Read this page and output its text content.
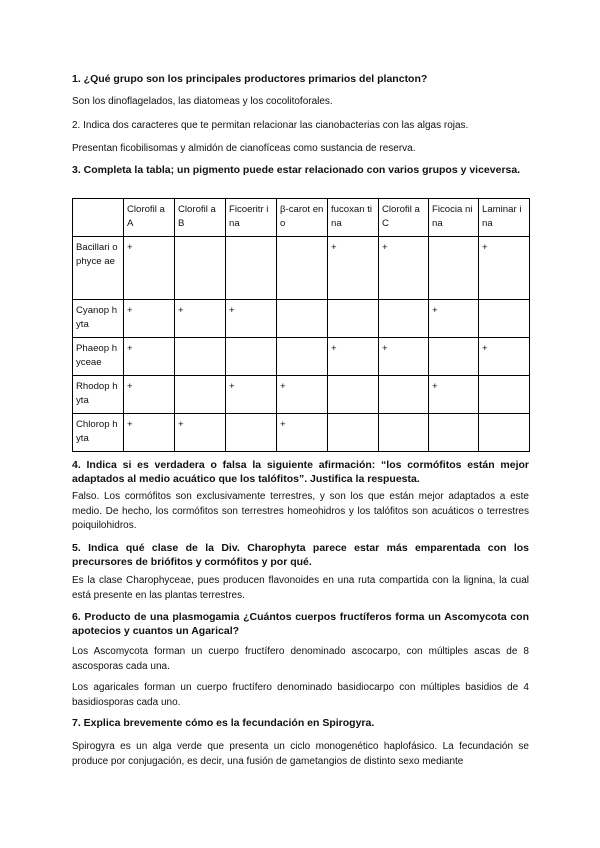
1. ¿Qué grupo son los principales productores primarios del plancton?

Son los dinoflagelados, las diatomeas y los cocolitoforales.

2. Indica dos caracteres que te permitan relacionar las cianobacterias con las algas rojas.

Presentan ficobilisomas y almidón de cianofíceas como sustancia de reserva.

3. Completa la tabla; un pigmento puede estar relacionado con varios grupos y viceversa.

	Clorofil a A	Clorofil a B	Ficoeritr ina	β-carot eno	fucoxan tina	Clorofil a C	Ficocia nina	Laminar ina
Bacillari ophyce ae	+				+	+		+
Cyanop hyta	+	+	+				+	
Phaeop hyceae	+				+	+		+
Rhodop hyta	+		+	+			+	
Chlorop hyta	+	+		+				

4. Indica si es verdadera o falsa la siguiente afirmación: “los cormófitos están mejor adaptados al medio acuático que los talófitos”. Justifica la respuesta.

Falso. Los cormófitos son exclusivamente terrestres, y son los que están mejor adaptados a este medio. De hecho, los cormófitos son terrestres homeohidros y los talófitos son acuáticos o terrestres poiquilohidros.

5. Indica qué clase de la Div. Charophyta parece estar más emparentada con los precursores de briófitos y cormófitos y por qué.

Es la clase Charophyceae, pues producen flavonoides en una ruta compartida con la lignina, la cual está presente en las plantas terrestres.

6. Producto de una plasmogamia ¿Cuántos cuerpos fructíferos forma un Ascomycota con apotecios y cuantos un Agarical?

Los Ascomycota forman un cuerpo fructífero denominado ascocarpo, con múltiples ascas de 8 ascosporas cada una.

Los agaricales forman un cuerpo fructífero denominado basidiocarpo con múltiples basidios de 4 basidiosporas cada uno.

7. Explica brevemente cómo es la fecundación en Spirogyra.

Spirogyra es un alga verde que presenta un ciclo monogenético haplofásico. La fecundación se produce por conjugación, es decir, una fusión de gametangios de distinto sexo mediante
